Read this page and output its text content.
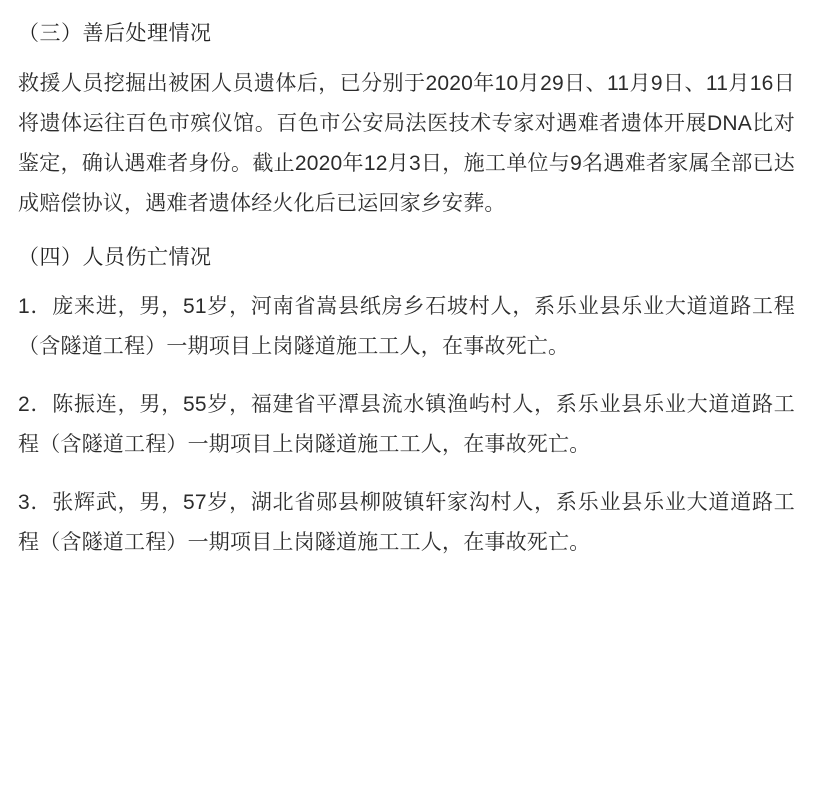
（三）善后处理情况

救援人员挖掘出被困人员遗体后，已分别于2020年10月29日、11月9日、11月16日将遗体运往百色市殡仪馆。百色市公安局法医技术专家对遇难者遗体开展DNA比对鉴定，确认遇难者身份。截止2020年12月3日，施工单位与9名遇难者家属全部已达成赔偿协议，遇难者遗体经火化后已运回家乡安葬。

（四）人员伤亡情况

1．庞来进，男，51岁，河南省嵩县纸房乡石坡村人，系乐业县乐业大道道路工程（含隧道工程）一期项目上岗隧道施工工人，在事故死亡。

2．陈振连，男，55岁，福建省平潭县流水镇渔屿村人，系乐业县乐业大道道路工程（含隧道工程）一期项目上岗隧道施工工人，在事故死亡。

3．张辉武，男，57岁，湖北省郧县柳陂镇轩家沟村人，系乐业县乐业大道道路工程（含隧道工程）一期项目上岗隧道施工工人，在事故死亡。
